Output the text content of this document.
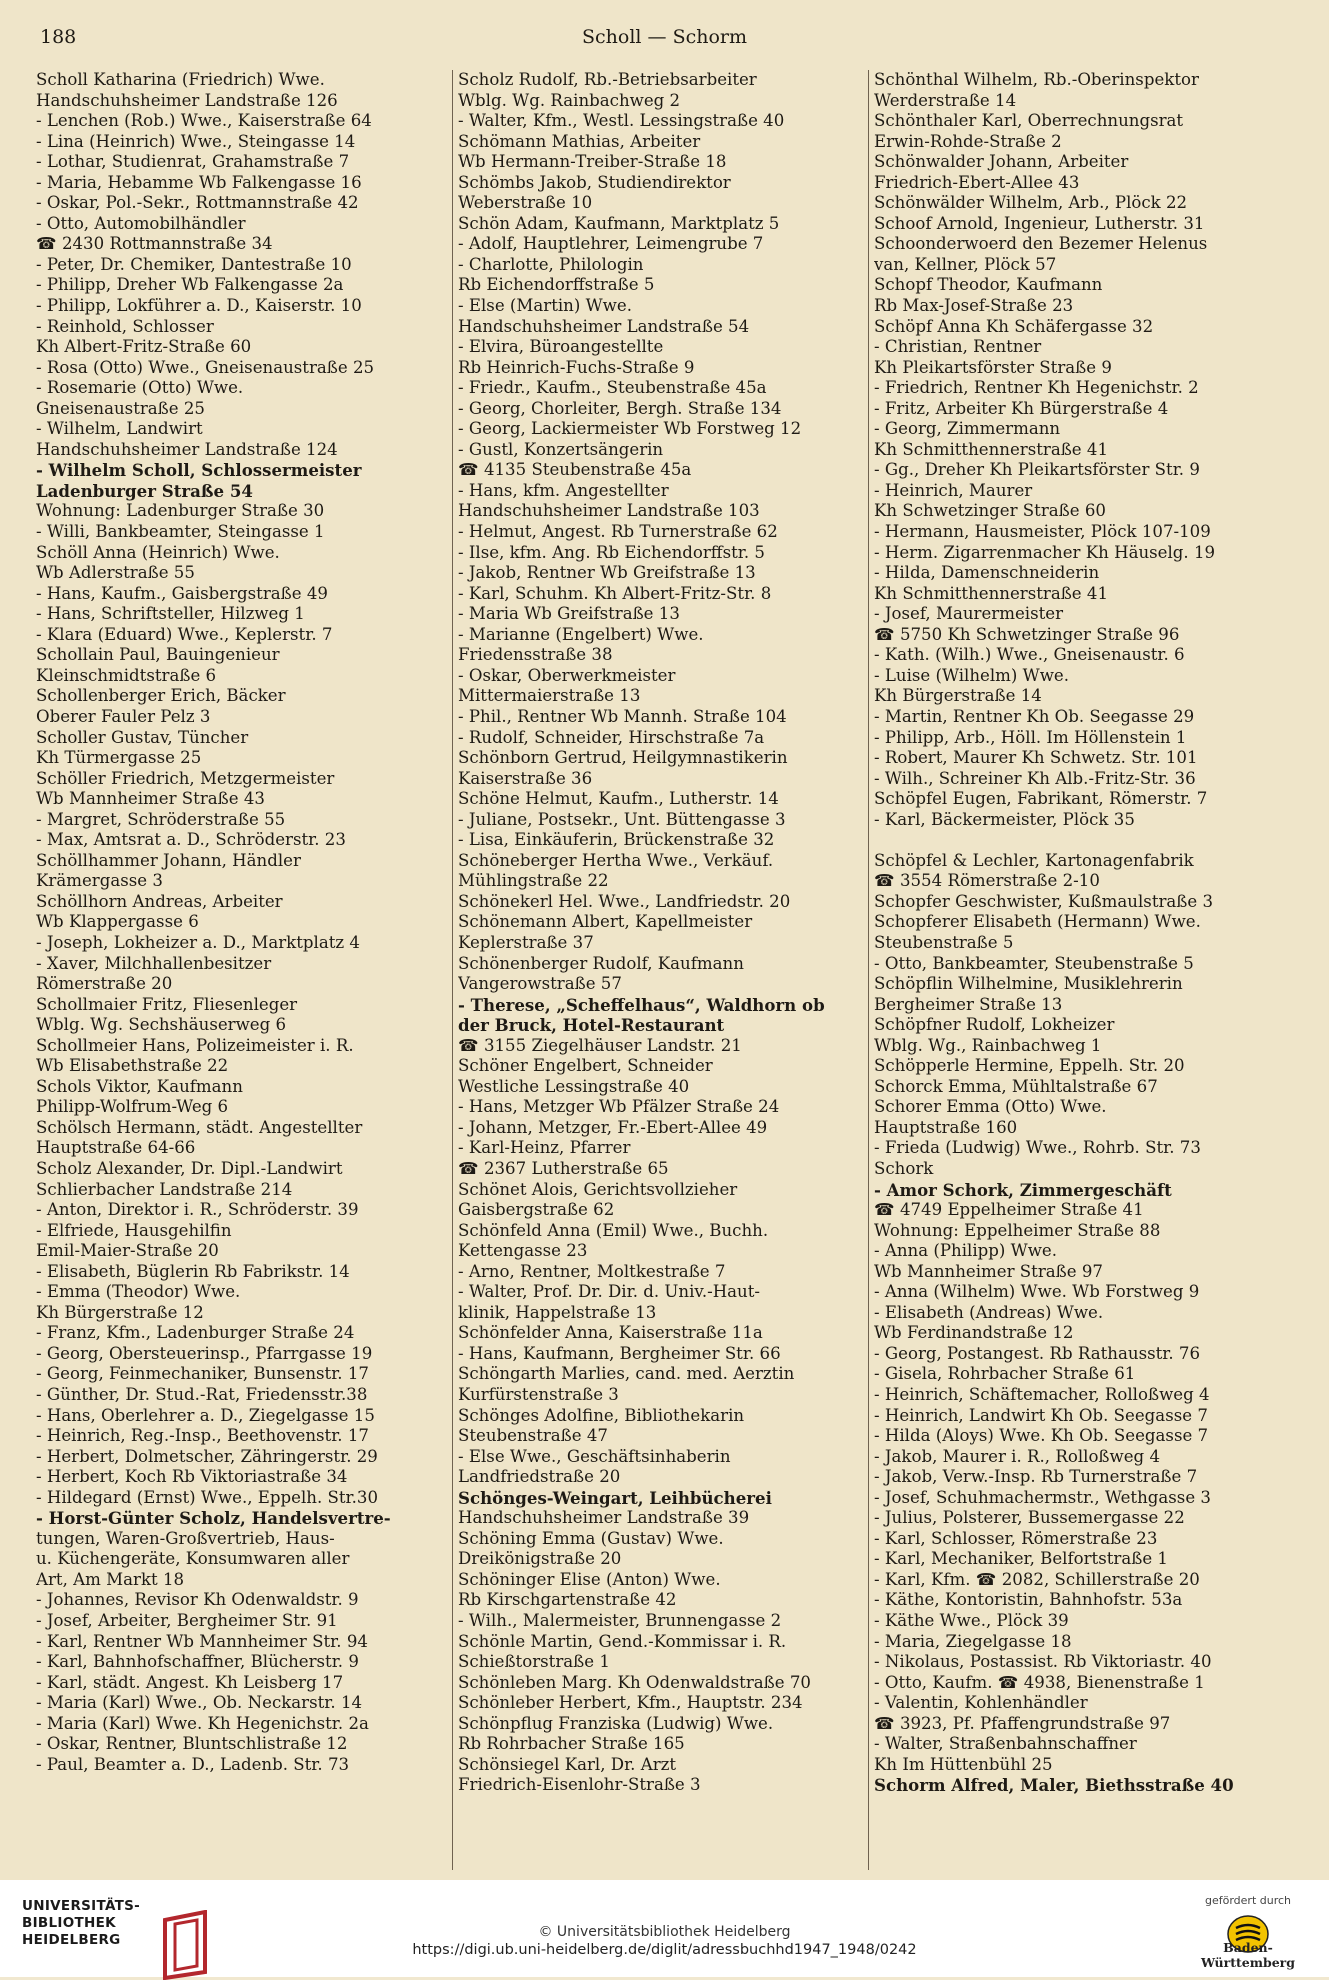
188	Scholl — Schorm
Scholl Katharina (Friedrich) Wwe.
Handschuhsheimer Landstraße 126
- Lenchen (Rob.) Wwe., Kaiserstraße 64
- Lina (Heinrich) Wwe., Steingasse 14
- Lothar, Studienrat, Grahamstraße 7
- Maria, Hebamme Wb Falkengasse 16
- Oskar, Pol.-Sekr., Rottmannstraße 42
- Otto, Automobilhändler
☎ 2430 Rottmannstraße 34
- Peter, Dr. Chemiker, Dantestraße 10
- Philipp, Dreher Wb Falkengasse 2a
- Philipp, Lokführer a. D., Kaiserstr. 10
- Reinhold, Schlosser
Kh Albert-Fritz-Straße 60
- Rosa (Otto) Wwe., Gneisenaustraße 25
- Rosemarie (Otto) Wwe.
Gneisenaustraße 25
- Wilhelm, Landwirt
Handschuhsheimer Landstraße 124
- Wilhelm Scholl, Schlossermeister
Ladenburger Straße 54
Wohnung: Ladenburger Straße 30
- Willi, Bankbeamter, Steingasse 1
Schöll Anna (Heinrich) Wwe.
Wb Adlerstraße 55
- Hans, Kaufm., Gaisbergstraße 49
- Hans, Schriftsteller, Hilzweg 1
- Klara (Eduard) Wwe., Keplerstr. 7
Schollain Paul, Bauingenieur
Kleinschmidtstraße 6
Schollenberger Erich, Bäcker
Oberer Fauler Pelz 3
Scholler Gustav, Tüncher
Kh Türmergasse 25
Schöller Friedrich, Metzgermeister
Wb Mannheimer Straße 43
- Margret, Schröderstraße 55
- Max, Amtsrat a. D., Schröderstr. 23
Schöllhammer Johann, Händler
Krämergasse 3
Schöllhorn Andreas, Arbeiter
Wb Klappergasse 6
- Joseph, Lokheizer a. D., Marktplatz 4
- Xaver, Milchhallenbesitzer
Römerstraße 20
Schollmaier Fritz, Fliesenleger
Wblg. Wg. Sechshäuserweg 6
Schollmeier Hans, Polizeimeister i. R.
Wb Elisabethstraße 22
Schols Viktor, Kaufmann
Philipp-Wolfrum-Weg 6
Schölsch Hermann, städt. Angestellter
Hauptstraße 64-66
Scholz Alexander, Dr. Dipl.-Landwirt
Schlierbacher Landstraße 214
- Anton, Direktor i. R., Schröderstr. 39
- Elfriede, Hausgehilfin
Emil-Maier-Straße 20
- Elisabeth, Büglerin Rb Fabrikstr. 14
- Emma (Theodor) Wwe.
Kh Bürgerstraße 12
- Franz, Kfm., Ladenburger Straße 24
- Georg, Obersteuerinsp., Pfarrgasse 19
- Georg, Feinmechaniker, Bunsenstr. 17
- Günther, Dr. Stud.-Rat, Friedensstr.38
- Hans, Oberlehrer a. D., Ziegelgasse 15
- Heinrich, Reg.-Insp., Beethovenstr. 17
- Herbert, Dolmetscher, Zähringerstr. 29
- Herbert, Koch Rb Viktoriastraße 34
- Hildegard (Ernst) Wwe., Eppelh. Str.30
- Horst-Günter Scholz, Handelsvertre-
tungen, Waren-Großvertrieb, Haus-
u. Küchengeräte, Konsumwaren aller
Art, Am Markt 18
- Johannes, Revisor Kh Odenwaldstr. 9
- Josef, Arbeiter, Bergheimer Str. 91
- Karl, Rentner Wb Mannheimer Str. 94
- Karl, Bahnhofschaffner, Blücherstr. 9
- Karl, städt. Angest. Kh Leisberg 17
- Maria (Karl) Wwe., Ob. Neckarstr. 14
- Maria (Karl) Wwe. Kh Hegenichstr. 2a
- Oskar, Rentner, Bluntschlistraße 12
- Paul, Beamter a. D., Ladenb. Str. 73
Scholz Rudolf, Rb.-Betriebsarbeiter
Wblg. Wg. Rainbachweg 2
- Walter, Kfm., Westl. Lessingstraße 40
Schömann Mathias, Arbeiter
Wb Hermann-Treiber-Straße 18
Schömbs Jakob, Studiendirektor
Weberstraße 10
Schön Adam, Kaufmann, Marktplatz 5
- Adolf, Hauptlehrer, Leimengrube 7
- Charlotte, Philologin
Rb Eichendorffstraße 5
- Else (Martin) Wwe.
Handschuhsheimer Landstraße 54
- Elvira, Büroangestellte
Rb Heinrich-Fuchs-Straße 9
- Friedr., Kaufm., Steubenstraße 45a
- Georg, Chorleiter, Bergh. Straße 134
- Georg, Lackiermeister Wb Forstweg 12
- Gustl, Konzertsängerin
☎ 4135 Steubenstraße 45a
- Hans, kfm. Angestellter
Handschuhsheimer Landstraße 103
- Helmut, Angest. Rb Turnerstraße 62
- Ilse, kfm. Ang. Rb Eichendorffstr. 5
- Jakob, Rentner Wb Greifstraße 13
- Karl, Schuhm. Kh Albert-Fritz-Str. 8
- Maria Wb Greifstraße 13
- Marianne (Engelbert) Wwe.
Friedensstraße 38
- Oskar, Oberwerkmeister
Mittermaierstraße 13
- Phil., Rentner Wb Mannh. Straße 104
- Rudolf, Schneider, Hirschstraße 7a
Schönborn Gertrud, Heilgymnastikerin
Kaiserstraße 36
Schöne Helmut, Kaufm., Lutherstr. 14
- Juliane, Postsekr., Unt. Büttengasse 3
- Lisa, Einkäuferin, Brückenstraße 32
Schöneberger Hertha Wwe., Verkäuf.
Mühlingstraße 22
Schönekerl Hel. Wwe., Landfriedstr. 20
Schönemann Albert, Kapellmeister
Keplerstraße 37
Schönenberger Rudolf, Kaufmann
Vangerowstraße 57
- Therese, „Scheffelhaus“, Waldhorn ob
der Bruck, Hotel-Restaurant
☎ 3155 Ziegelhäuser Landstr. 21
Schöner Engelbert, Schneider
Westliche Lessingstraße 40
- Hans, Metzger Wb Pfälzer Straße 24
- Johann, Metzger, Fr.-Ebert-Allee 49
- Karl-Heinz, Pfarrer
☎ 2367 Lutherstraße 65
Schönet Alois, Gerichtsvollzieher
Gaisbergstraße 62
Schönfeld Anna (Emil) Wwe., Buchh.
Kettengasse 23
- Arno, Rentner, Moltkestraße 7
- Walter, Prof. Dr. Dir. d. Univ.-Haut-
klinik, Happelstraße 13
Schönfelder Anna, Kaiserstraße 11a
- Hans, Kaufmann, Bergheimer Str. 66
Schöngarth Marlies, cand. med. Aerztin
Kurfürstenstraße 3
Schönges Adolfine, Bibliothekarin
Steubenstraße 47
- Else Wwe., Geschäftsinhaberin
Landfriedstraße 20
Schönges-Weingart, Leihbücherei
Handschuhsheimer Landstraße 39
Schöning Emma (Gustav) Wwe.
Dreikönigstraße 20
Schöninger Elise (Anton) Wwe.
Rb Kirschgartenstraße 42
- Wilh., Malermeister, Brunnengasse 2
Schönle Martin, Gend.-Kommissar i. R.
Schießtorstraße 1
Schönleben Marg. Kh Odenwaldstraße 70
Schönleber Herbert, Kfm., Hauptstr. 234
Schönpflug Franziska (Ludwig) Wwe.
Rb Rohrbacher Straße 165
Schönsiegel Karl, Dr. Arzt
Friedrich-Eisenlohr-Straße 3
Schönthal Wilhelm, Rb.-Oberinspektor
Werderstraße 14
Schönthaler Karl, Oberrechnungsrat
Erwin-Rohde-Straße 2
Schönwalder Johann, Arbeiter
Friedrich-Ebert-Allee 43
Schönwälder Wilhelm, Arb., Plöck 22
Schoof Arnold, Ingenieur, Lutherstr. 31
Schoonderwoerd den Bezemer Helenus
van, Kellner, Plöck 57
Schopf Theodor, Kaufmann
Rb Max-Josef-Straße 23
Schöpf Anna Kh Schäfergasse 32
- Christian, Rentner
Kh Pleikartsförster Straße 9
- Friedrich, Rentner Kh Hegenichstr. 2
- Fritz, Arbeiter Kh Bürgerstraße 4
- Georg, Zimmermann
Kh Schmitthennerstraße 41
- Gg., Dreher Kh Pleikartsförster Str. 9
- Heinrich, Maurer
Kh Schwetzinger Straße 60
- Hermann, Hausmeister, Plöck 107-109
- Herm. Zigarrenmacher Kh Häuselg. 19
- Hilda, Damenschneiderin
Kh Schmitthennerstraße 41
- Josef, Maurermeister
☎ 5750 Kh Schwetzinger Straße 96
- Kath. (Wilh.) Wwe., Gneisenaustr. 6
- Luise (Wilhelm) Wwe.
Kh Bürgerstraße 14
- Martin, Rentner Kh Ob. Seegasse 29
- Philipp, Arb., Höll. Im Höllenstein 1
- Robert, Maurer Kh Schwetz. Str. 101
- Wilh., Schreiner Kh Alb.-Fritz-Str. 36
Schöpfel Eugen, Fabrikant, Römerstr. 7
- Karl, Bäckermeister, Plöck 35
Schöpfel & Lechler, Kartonagenfabrik
☎ 3554 Römerstraße 2-10
Schopfer Geschwister, Kußmaulstraße 3
Schopferer Elisabeth (Hermann) Wwe.
Steubenstraße 5
- Otto, Bankbeamter, Steubenstraße 5
Schöpflin Wilhelmine, Musiklehrerin
Bergheimer Straße 13
Schöpfner Rudolf, Lokheizer
Wblg. Wg., Rainbachweg 1
Schöpperle Hermine, Eppelh. Str. 20
Schorck Emma, Mühltalstraße 67
Schorer Emma (Otto) Wwe.
Hauptstraße 160
- Frieda (Ludwig) Wwe., Rohrb. Str. 73
Schork
- Amor Schork, Zimmergeschäft
☎ 4749 Eppelheimer Straße 41
Wohnung: Eppelheimer Straße 88
- Anna (Philipp) Wwe.
Wb Mannheimer Straße 97
- Anna (Wilhelm) Wwe. Wb Forstweg 9
- Elisabeth (Andreas) Wwe.
Wb Ferdinandstraße 12
- Georg, Postangest. Rb Rathausstr. 76
- Gisela, Rohrbacher Straße 61
- Heinrich, Schäftemacher, Rolloßweg 4
- Heinrich, Landwirt Kh Ob. Seegasse 7
- Hilda (Aloys) Wwe. Kh Ob. Seegasse 7
- Jakob, Maurer i. R., Rolloßweg 4
- Jakob, Verw.-Insp. Rb Turnerstraße 7
- Josef, Schuhmachermstr., Wethgasse 3
- Julius, Polsterer, Bussemergasse 22
- Karl, Schlosser, Römerstraße 23
- Karl, Mechaniker, Belfortstraße 1
- Karl, Kfm. ☎ 2082, Schillerstraße 20
- Käthe, Kontoristin, Bahnhofstr. 53a
- Käthe Wwe., Plöck 39
- Maria, Ziegelgasse 18
- Nikolaus, Postassist. Rb Viktoriastr. 40
- Otto, Kaufm. ☎ 4938, Bienenstraße 1
- Valentin, Kohlenhändler
☎ 3923, Pf. Pfaffengrundstraße 97
- Walter, Straßenbahnschaffner
Kh Im Hüttenbühl 25
Schorm Alfred, Maler, Biethsstraße 40
UNIVERSITÄTS-
BIBLIOTHEK
HEIDELBERG	© Universitätsbibliothek Heidelberg
https://digi.ub.uni-heidelberg.de/diglit/adressbuchhd1947_1948/0242
gefördert durch
Baden-Württemberg
